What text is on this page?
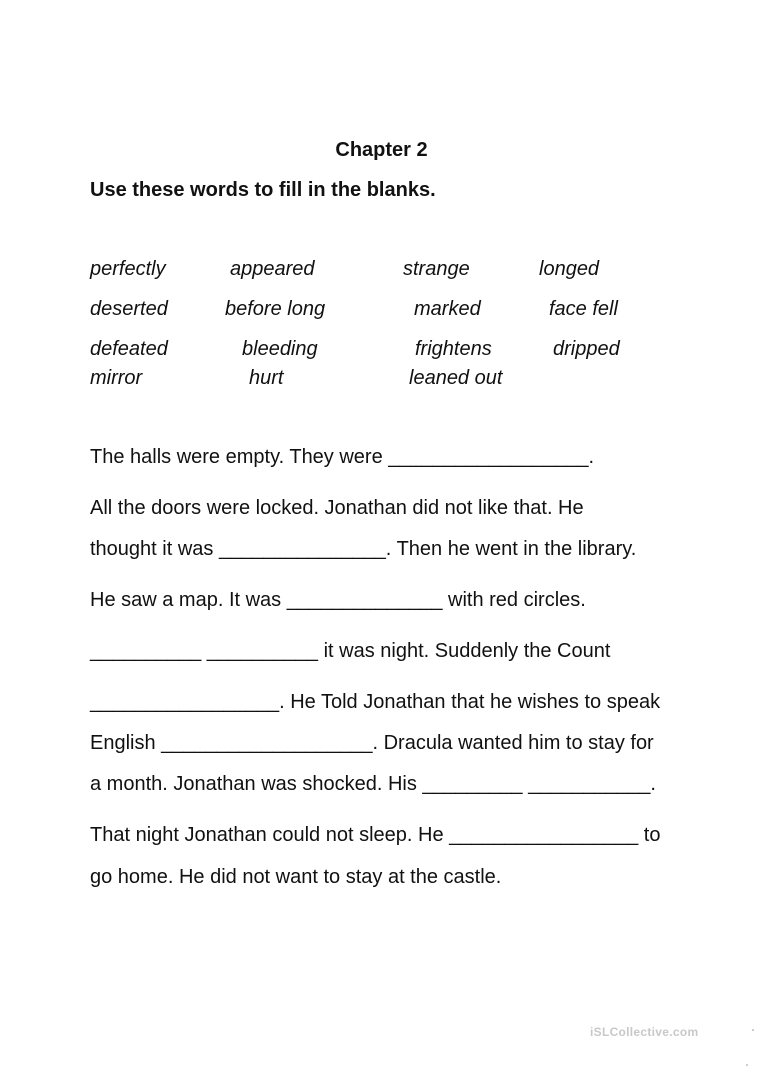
Chapter 2
Use these words to fill in the blanks.
perfectly	appeared	strange	longed
deserted	before long	marked	face fell
defeated	bleeding	frightens	dripped
mirror	hurt	leaned out
The halls were empty. They were __________________.
All the doors were locked. Jonathan did not like that. He
thought it was _______________. Then he went in the library.
He saw a map. It was ______________ with red circles.
__________ __________ it was night. Suddenly the Count
_________________. He Told Jonathan that he wishes to speak
English ___________________. Dracula wanted him to stay for
a month. Jonathan was shocked. His _________ ___________.
That night Jonathan could not sleep. He _________________ to
go home. He did not want to stay at the castle.
iSLCollective.com
